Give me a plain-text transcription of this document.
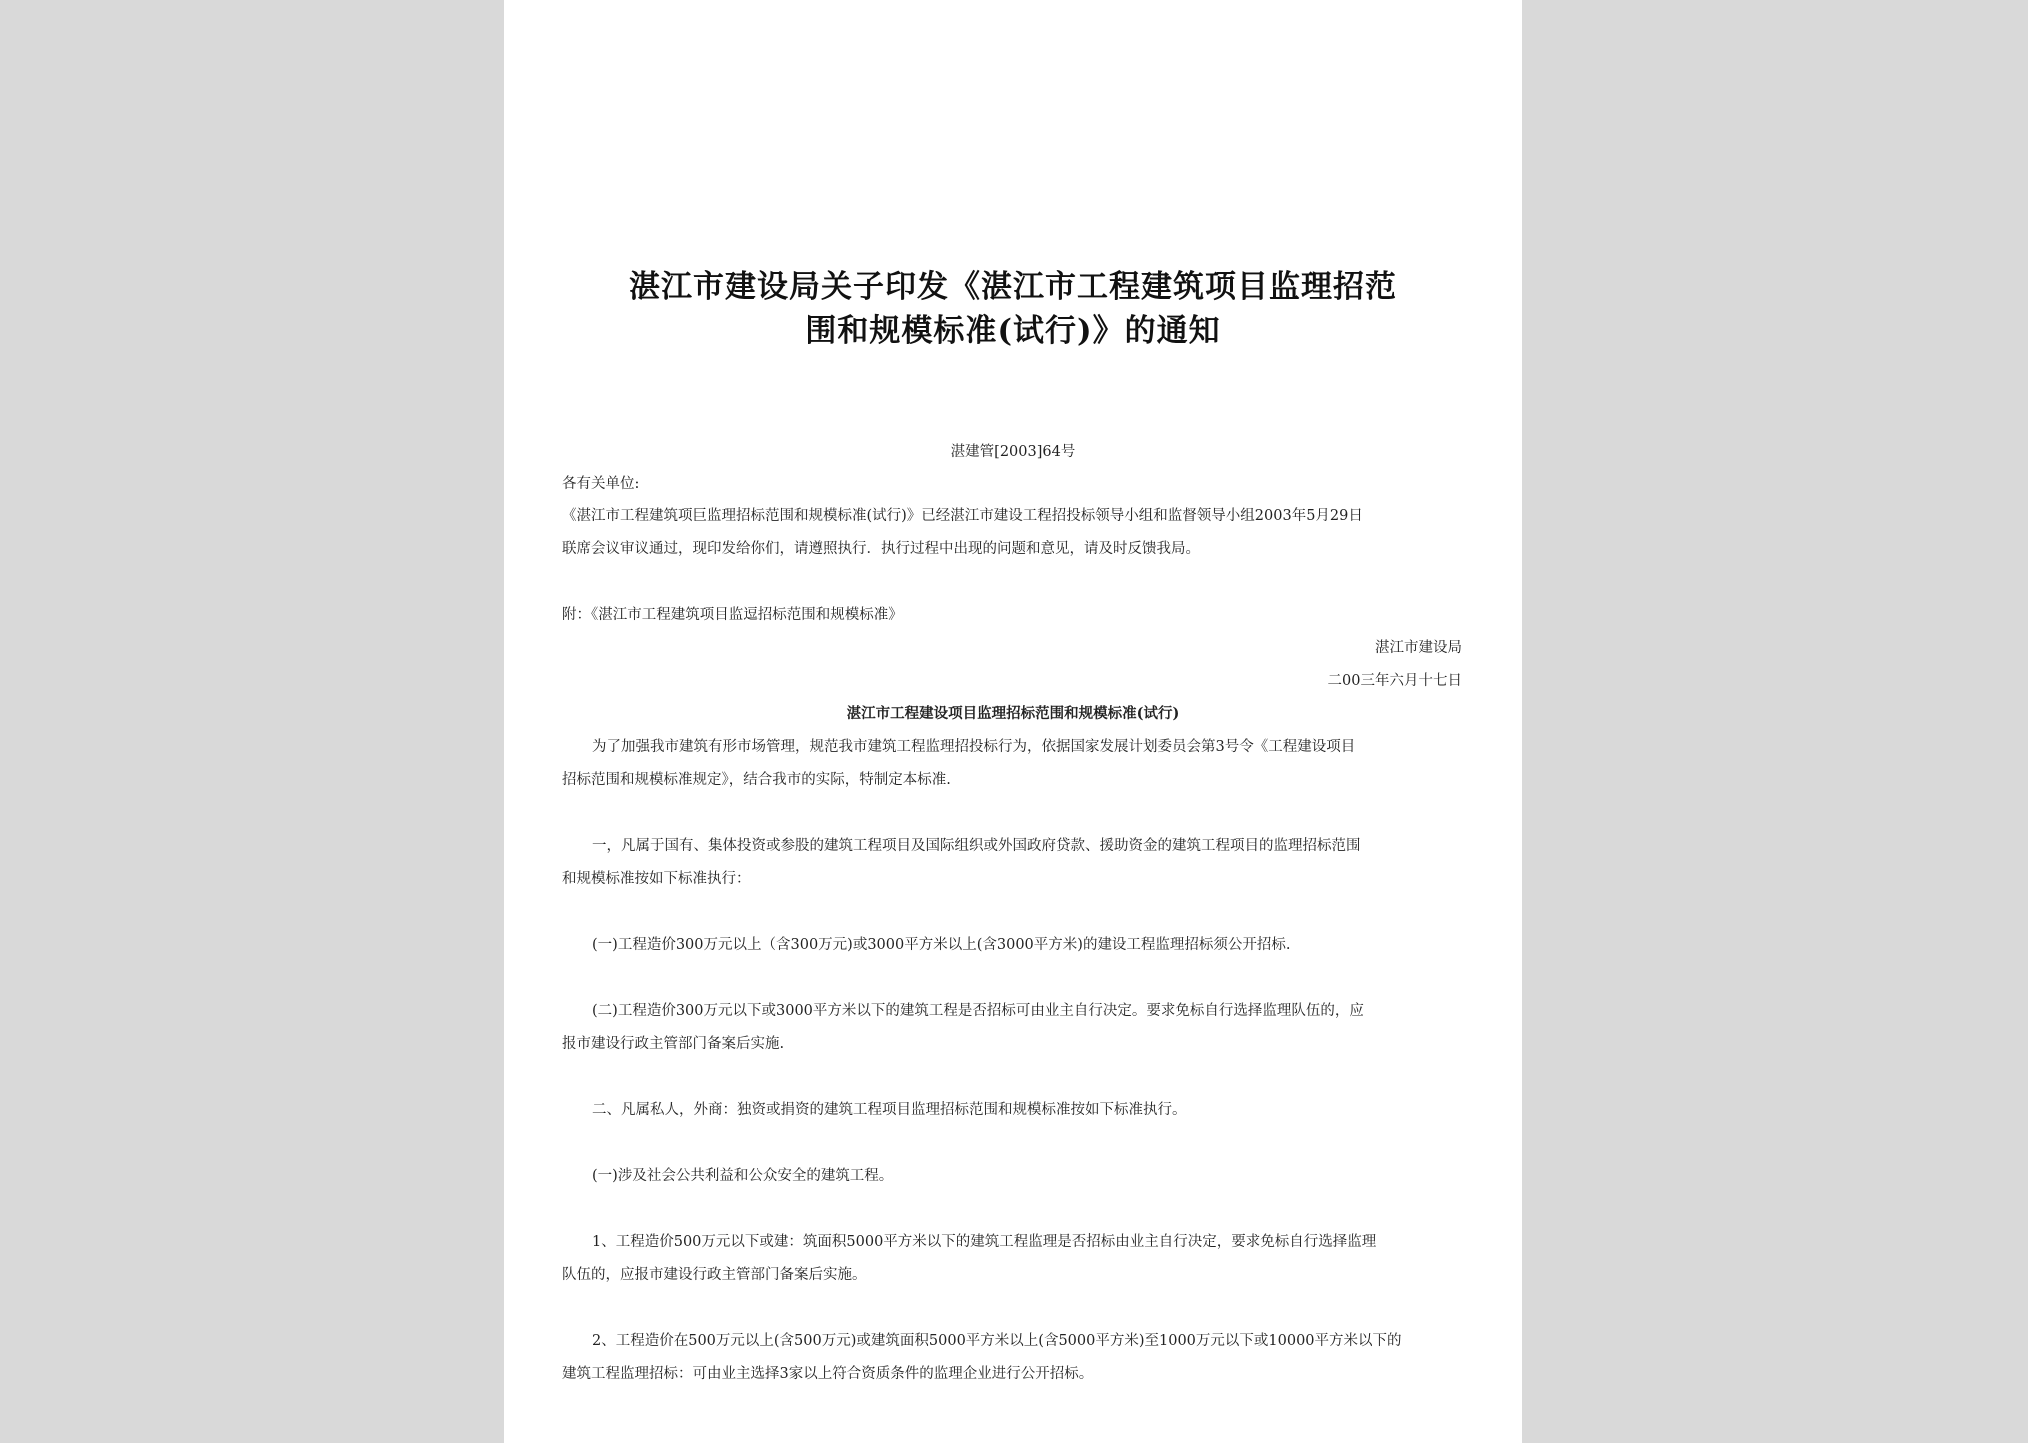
湛江市建设局关子印发《湛江市工程建筑项目监理招范
围和规模标准(试行)》的通知
湛建管[2003]64号
各有关单位:
《湛江市工程建筑项巨监理招标范围和规模标准(试行)》已经湛江市建设工程招投标领导小组和监督领导小组2003年5月29日
联席会议审议通过，现印发给你们，请遵照执行．执行过程中出现的问题和意见，请及时反馈我局。
附：《湛江市工程建筑项目监逗招标范围和规模标准》
湛江市建设局
二00三年六月十七日
湛江市工程建设项目监理招标范围和规模标准(试行)
为了加强我市建筑有形市场管理，规范我市建筑工程监理招投标行为，依据国家发展计划委员会第3号令《工程建设项目
招标范围和规模标准规定》，结合我市的实际，特制定本标准.
一，凡属于国有、集体投资或参股的建筑工程项目及国际组织或外国政府贷款、援助资金的建筑工程项目的监理招标范围
和规模标准按如下标准执行：
(一)工程造价300万元以上（含300万元)或3000平方米以上(含3000平方米)的建设工程监理招标须公开招标.
(二)工程造价300万元以下或3000平方米以下的建筑工程是否招标可由业主自行决定。要求免标自行选择监理队伍的，应
报市建设行政主管部门备案后实施.
二、凡属私人，外商：独资或捐资的建筑工程项目监理招标范围和规模标准按如下标准执行。
(一)涉及社会公共利益和公众安全的建筑工程。
1、工程造价500万元以下或建：筑面积5000平方米以下的建筑工程监理是否招标由业主自行决定，要求免标自行选择监理
队伍的，应报市建设行政主管部门备案后实施。
2、工程造价在500万元以上(含500万元)或建筑面积5000平方米以上(含5000平方米)至1000万元以下或10000平方米以下的
建筑工程监理招标：可由业主选择3家以上符合资质条件的监理企业进行公开招标。
